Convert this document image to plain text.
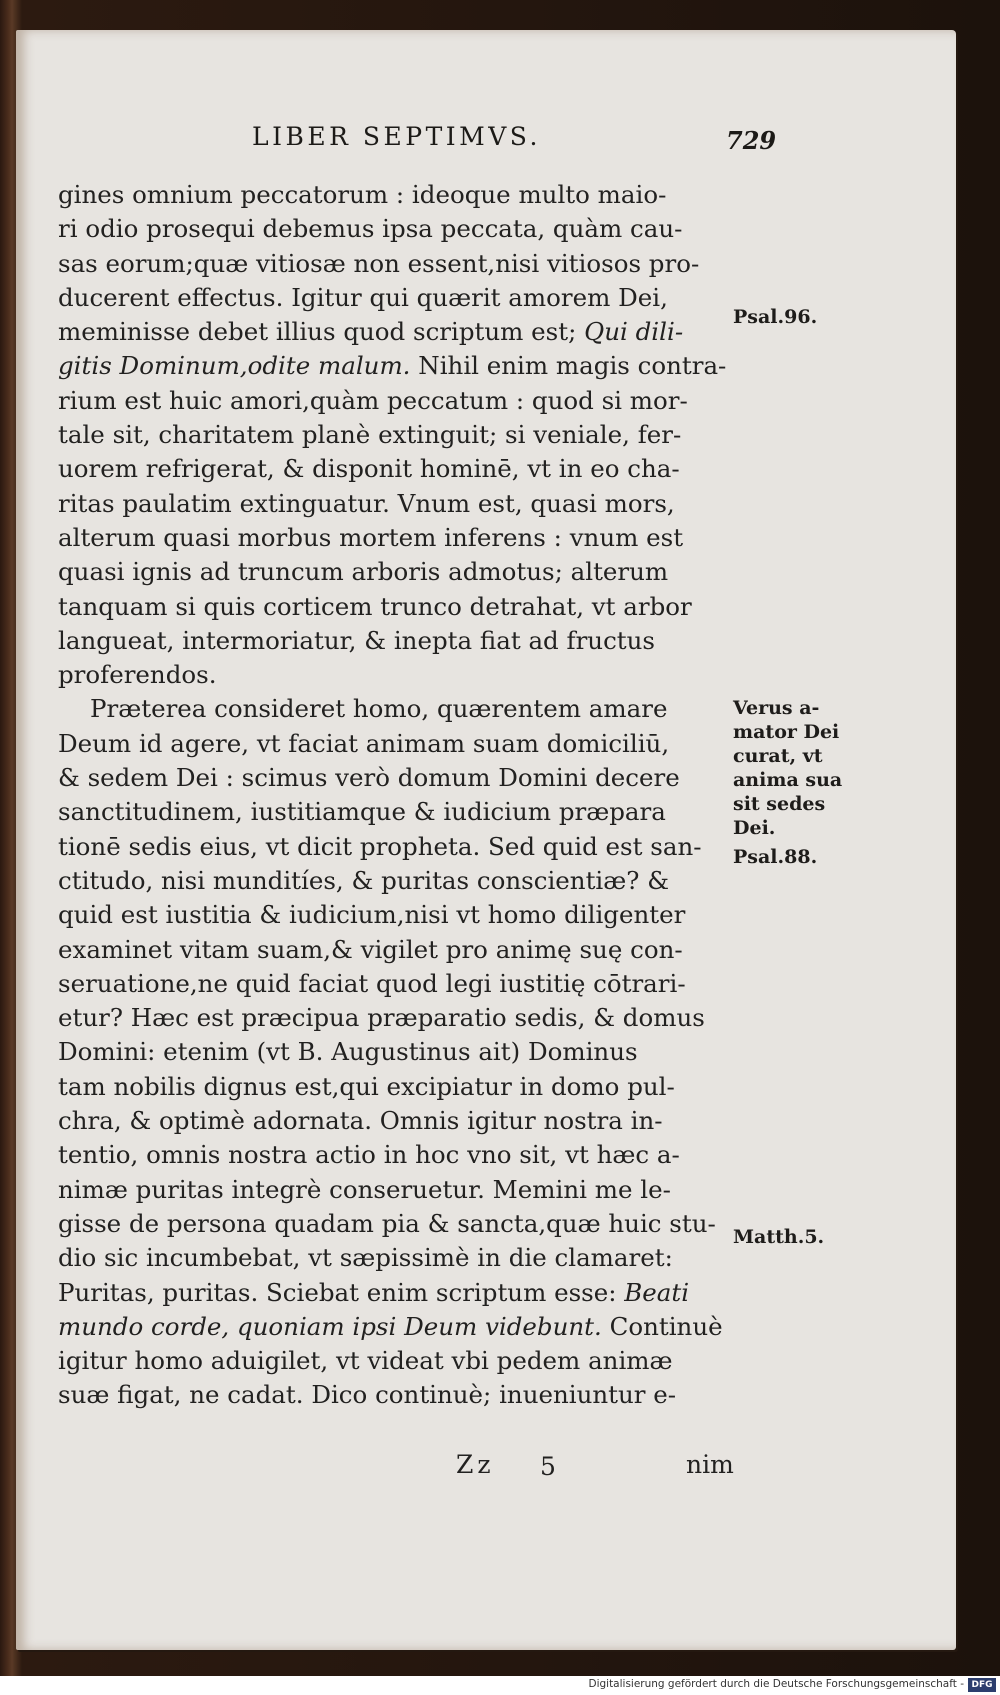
LIBER SEPTIMVS.	729
gines omnium peccatorum : ideoque multo maio-
ri odio prosequi debemus ipsa peccata, quàm cau-
sas eorum;quæ vitiosæ non essent,nisi vitiosos pro-
ducerent effectus. Igitur qui quærit amorem Dei,
meminisse debet illius quod scriptum est; Qui dili-
gitis Dominum,odite malum. Nihil enim magis contra-
rium est huic amori,quàm peccatum : quod si mor-
tale sit, charitatem planè extinguit; si veniale, fer-
uorem refrigerat, & disponit hominē, vt in eo cha-
ritas paulatim extinguatur. Vnum est, quasi mors,
alterum quasi morbus mortem inferens : vnum est
quasi ignis ad truncum arboris admotus; alterum
tanquam si quis corticem trunco detrahat, vt arbor
langueat, intermoriatur, & inepta fiat ad fructus
proferendos.
Præterea consideret homo, quærentem amare
Deum id agere, vt faciat animam suam domiciliū,
& sedem Dei : scimus verò domum Domini decere
sanctitudinem, iustitiamque & iudicium præpara
tionē sedis eius, vt dicit propheta. Sed quid est san-
ctitudo, nisi munditíes, & puritas conscientiæ? &
quid est iustitia & iudicium,nisi vt homo diligenter
examinet vitam suam,& vigilet pro animę suę con-
seruatione,ne quid faciat quod legi iustitię cōtrari-
etur? Hæc est præcipua præparatio sedis, & domus
Domini: etenim (vt B. Augustinus ait) Dominus
tam nobilis dignus est,qui excipiatur in domo pul-
chra, & optimè adornata. Omnis igitur nostra in-
tentio, omnis nostra actio in hoc vno sit, vt hæc a-
nimæ puritas integrè conseruetur. Memini me le-
gisse de persona quadam pia & sancta,quæ huic stu-
dio sic incumbebat, vt sæpissimè in die clamaret:
Puritas, puritas. Sciebat enim scriptum esse: Beati
mundo corde, quoniam ipsi Deum videbunt. Continuè
igitur homo aduigilet, vt videat vbi pedem animæ
suæ figat, ne cadat. Dico continuè; inueniuntur e-
Psal.96.
Verus a-
mator Dei
curat, vt
anima sua
sit sedes
Dei.
Psal.88.
Matth.5.
Zz 5	nim
Digitalisierung gefördert durch die Deutsche Forschungsgemeinschaft - DFG
